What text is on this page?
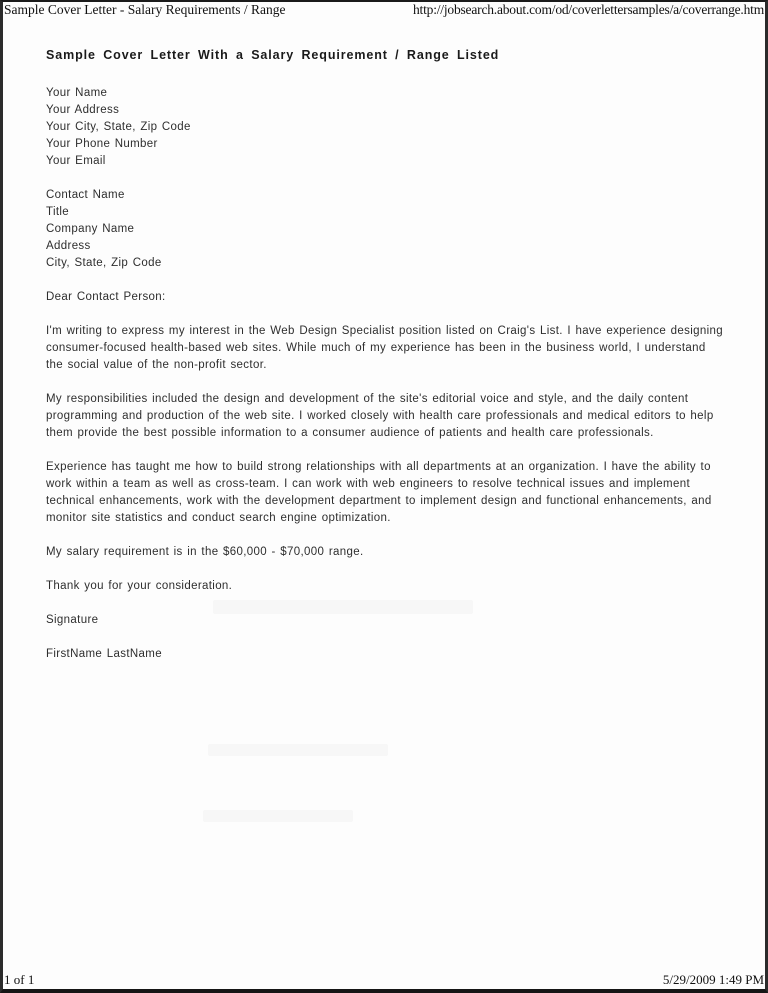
Sample Cover Letter - Salary Requirements / Range	http://jobsearch.about.com/od/coverlettersamples/a/coverrange.htm
Sample Cover Letter With a Salary Requirement / Range Listed
Your Name
Your Address
Your City, State, Zip Code
Your Phone Number
Your Email
Contact Name
Title
Company Name
Address
City, State, Zip Code

Dear Contact Person:

I'm writing to express my interest in the Web Design Specialist position listed on Craig's List. I have experience designing consumer-focused health-based web sites. While much of my experience has been in the business world, I understand the social value of the non-profit sector.

My responsibilities included the design and development of the site's editorial voice and style, and the daily content programming and production of the web site. I worked closely with health care professionals and medical editors to help them provide the best possible information to a consumer audience of patients and health care professionals.

Experience has taught me how to build strong relationships with all departments at an organization. I have the ability to work within a team as well as cross-team. I can work with web engineers to resolve technical issues and implement technical enhancements, work with the development department to implement design and functional enhancements, and monitor site statistics and conduct search engine optimization.

My salary requirement is in the $60,000 - $70,000 range.

Thank you for your consideration.

Signature

FirstName LastName

1 of 1	5/29/2009 1:49 PM
